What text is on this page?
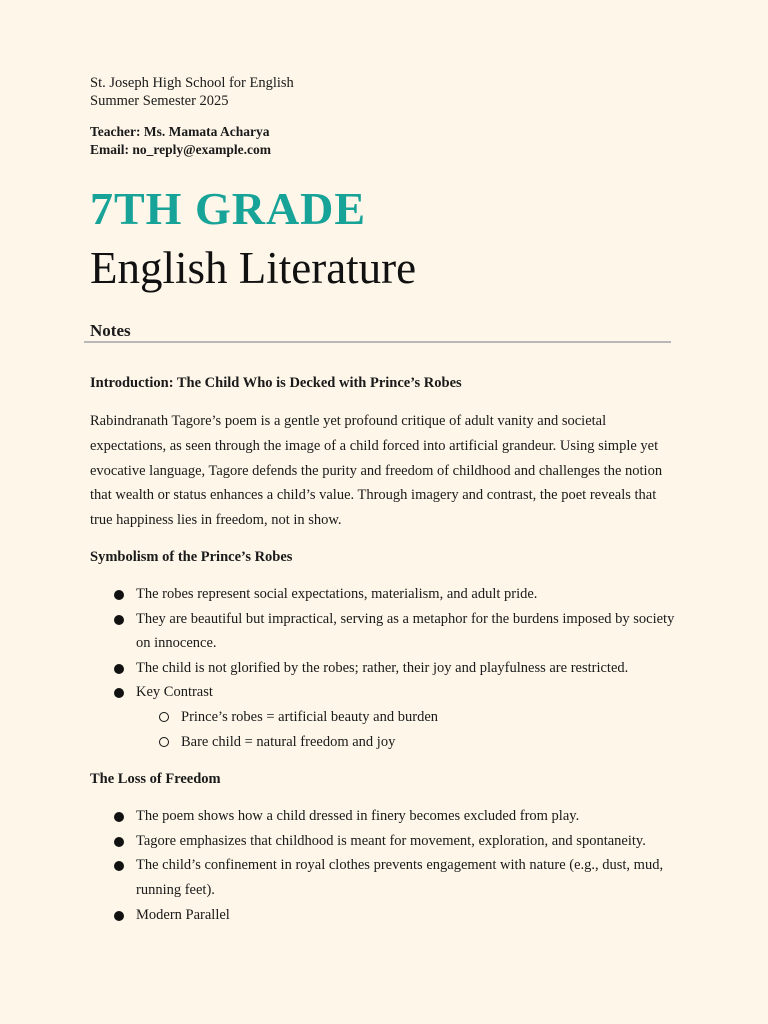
St. Joseph High School for English
Summer Semester 2025
Teacher: Ms. Mamata Acharya
Email: no_reply@example.com
7TH GRADE
English Literature
Notes

Introduction: The Child Who is Decked with Prince’s Robes

Rabindranath Tagore’s poem is a gentle yet profound critique of adult vanity and societal expectations, as seen through the image of a child forced into artificial grandeur. Using simple yet evocative language, Tagore defends the purity and freedom of childhood and challenges the notion that wealth or status enhances a child’s value. Through imagery and contrast, the poet reveals that true happiness lies in freedom, not in show.

Symbolism of the Prince’s Robes

The robes represent social expectations, materialism, and adult pride.
They are beautiful but impractical, serving as a metaphor for the burdens imposed by society on innocence.
The child is not glorified by the robes; rather, their joy and playfulness are restricted.
Key Contrast
Prince’s robes = artificial beauty and burden
Bare child = natural freedom and joy

The Loss of Freedom

The poem shows how a child dressed in finery becomes excluded from play.
Tagore emphasizes that childhood is meant for movement, exploration, and spontaneity.
The child’s confinement in royal clothes prevents engagement with nature (e.g., dust, mud, running feet).
Modern Parallel
